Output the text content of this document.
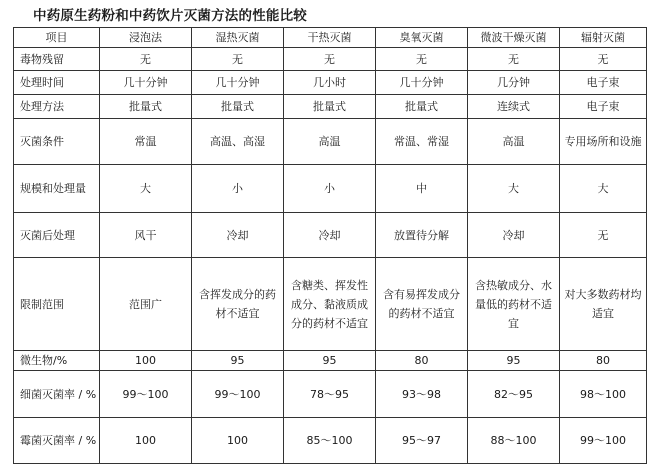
中药原生药粉和中药饮片灭菌方法的性能比较
项目	浸泡法	湿热灭菌	干热灭菌	臭氧灭菌	微波干燥灭菌	辐射灭菌
毒物残留	无	无	无	无	无	无
处理时间	几十分钟	几十分钟	几小时	几十分钟	几分钟	电子束
处理方法	批量式	批量式	批量式	批量式	连续式	电子束
灭菌条件	常温	高温、高湿	高温	常温、常湿	高温	专用场所和设施
规模和处理量	大	小	小	中	大	大
灭菌后处理	风干	冷却	冷却	放置待分解	冷却	无
限制范围	范围广	含挥发成分的药材不适宜	含糖类、挥发性成分、黏液质成分的药材不适宜	含有易挥发成分的药材不适宜	含热敏成分、水量低的药材不适宜	对大多数药材均适宜
微生物/%	100	95	95	80	95	80
细菌灭菌率 / %	99～100	99～100	78～95	93～98	82～95	98～100
霉菌灭菌率 / %	100	100	85～100	95～97	88～100	99～100
